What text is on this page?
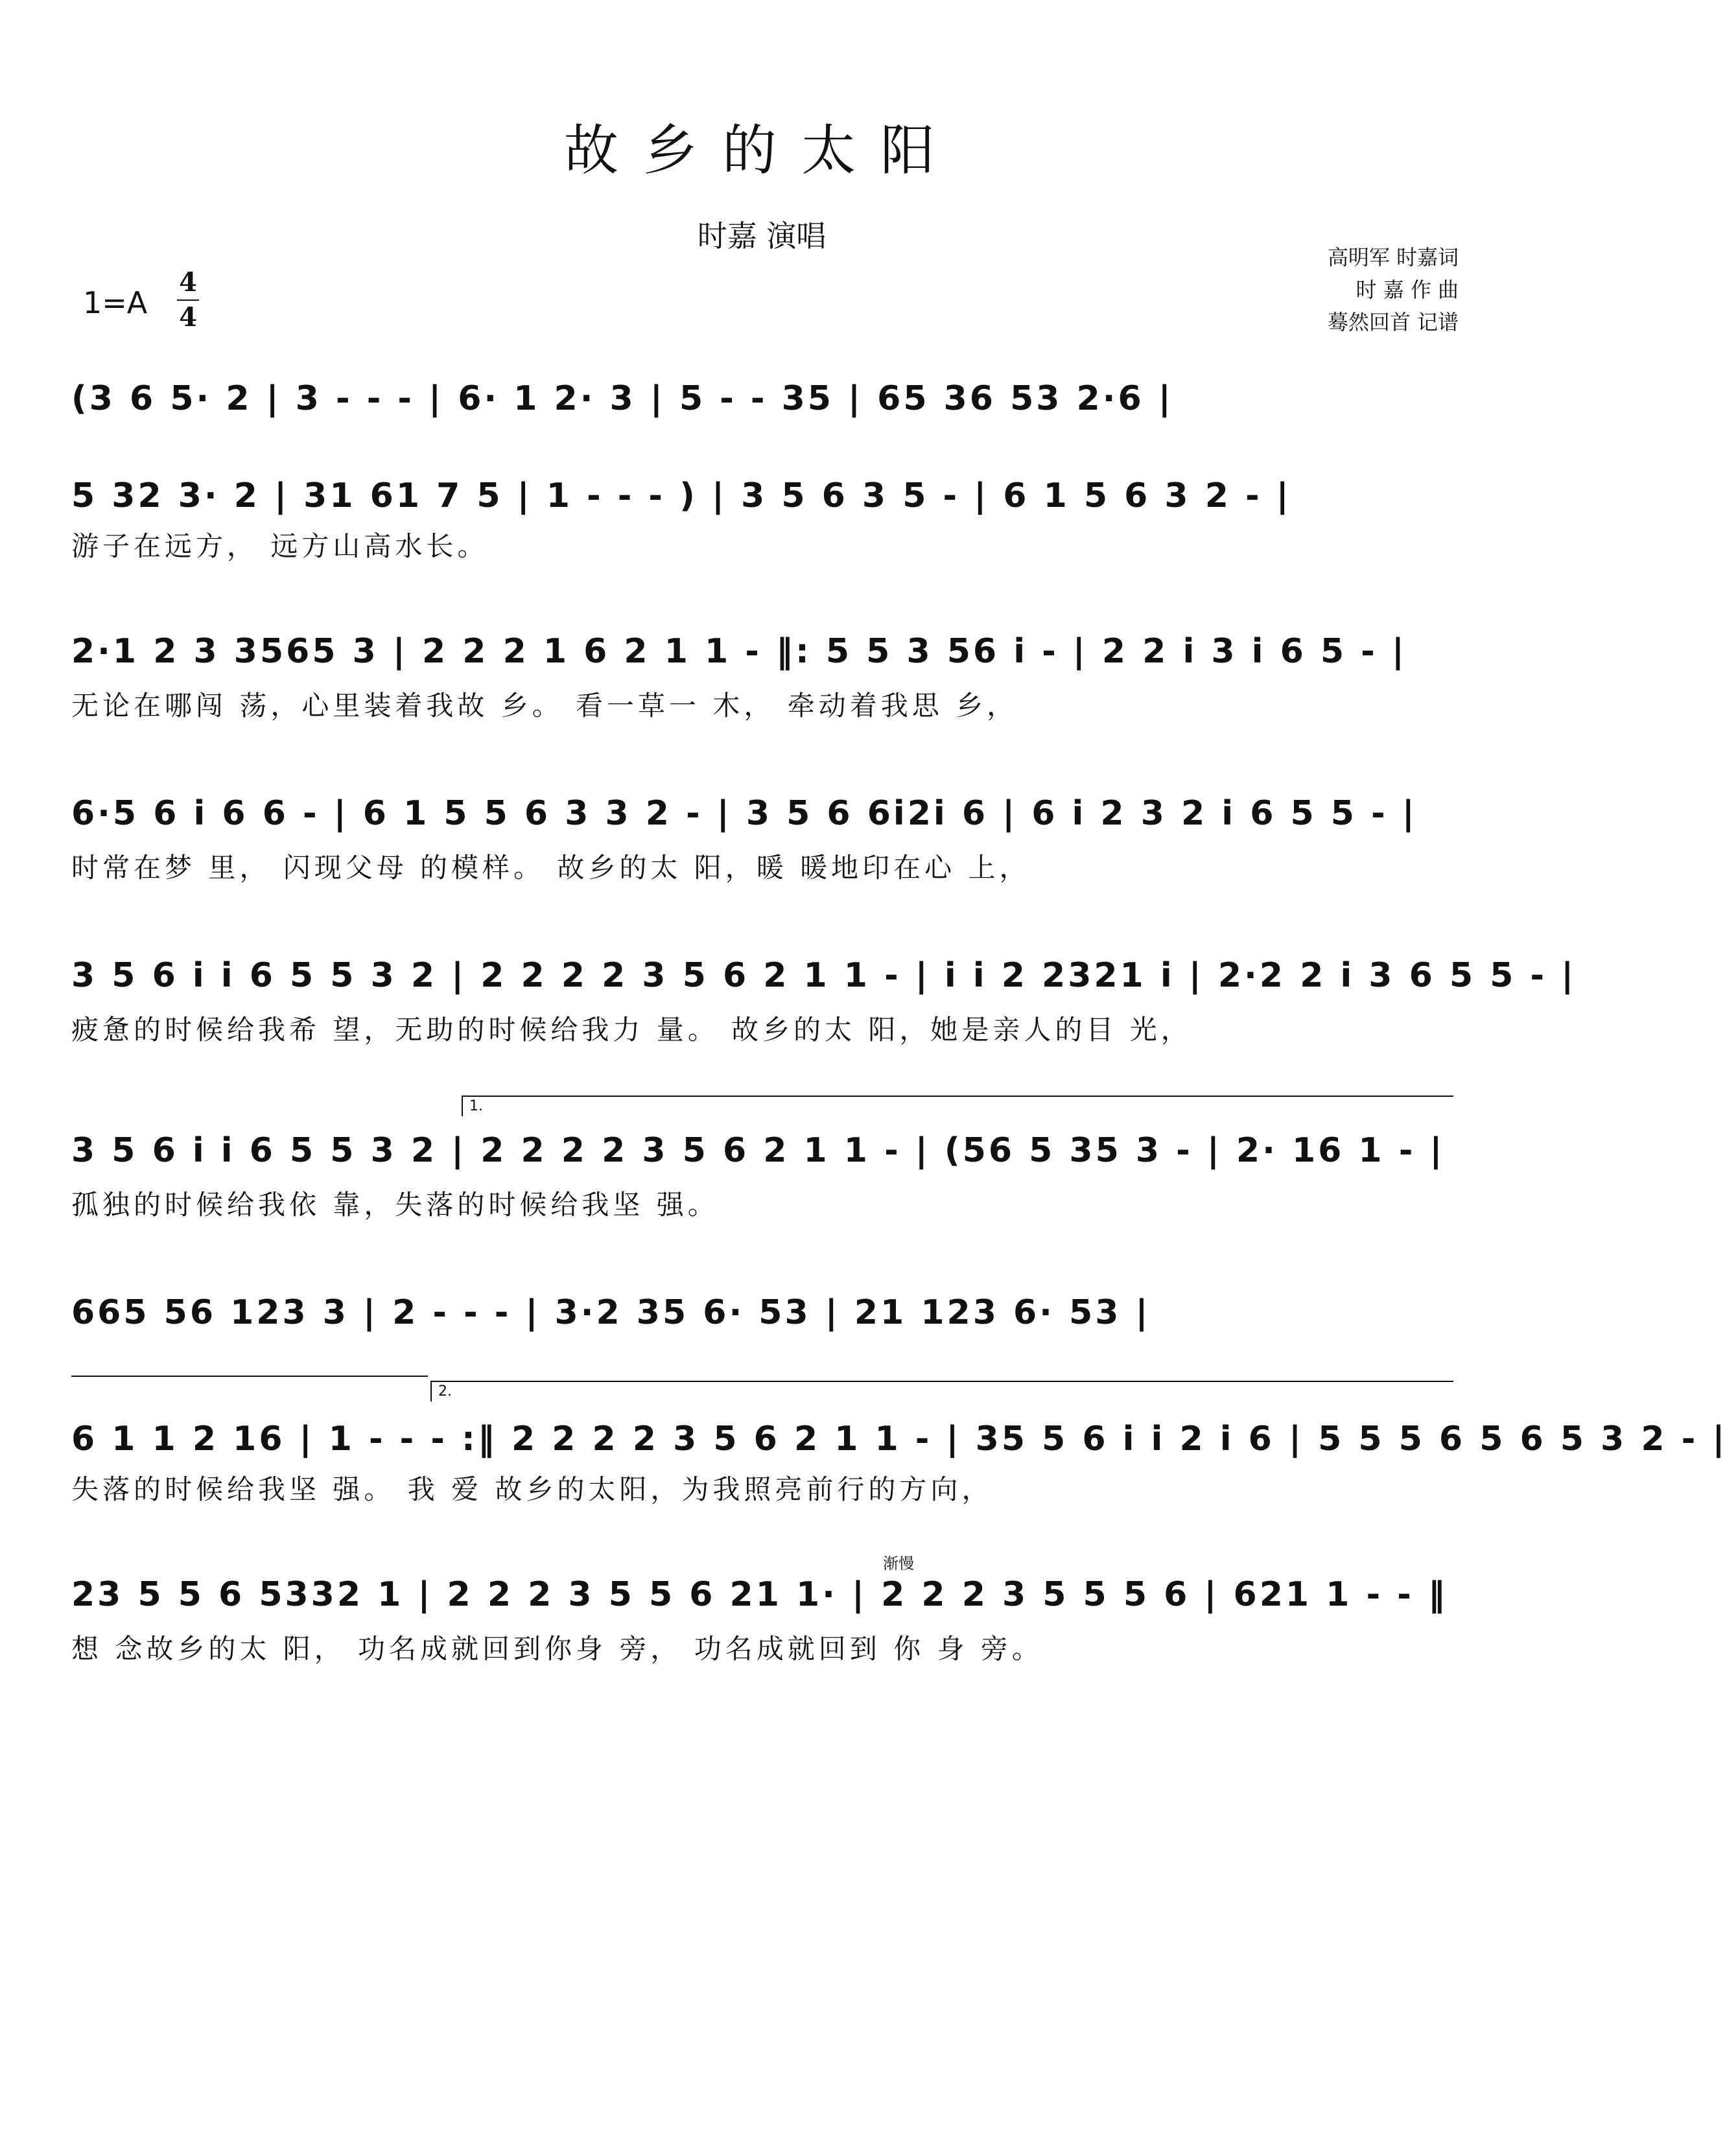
故乡的太阳
时嘉 演唱
高明军 时嘉词
时 嘉 作 曲
蓦然回首 记谱
1=A
4
4
(3 6 5· 2 | 3 - - - | 6· 1 2· 3 | 5 - - 35 | 65 36 53 2·6 |
5 32 3· 2 | 31 61 7 5 | 1 - - - ) | 3 5 6 3 5 - | 6 1 5 6 3 2 - |
游子在远方， 远方山高水长。
2·1 2 3 3565 3 | 2 2 2 1 6 2 1 1 - ‖: 5 5 3 56 i - | 2 2 i 3 i 6 5 - |
无论在哪闯 荡，心里装着我故 乡。 看一草一 木， 牵动着我思 乡，
6·5 6 i 6 6 - | 6 1 5 5 6 3 3 2 - | 3 5 6 6i2i 6 | 6 i 2 3 2 i 6 5 5 - |
时常在梦 里， 闪现父母 的模样。 故乡的太 阳，暖 暖地印在心 上，
3 5 6 i i 6 5 5 3 2 | 2 2 2 2 3 5 6 2 1 1 - | i i 2 2321 i | 2·2 2 i 3 6 5 5 - |
疲惫的时候给我希 望，无助的时候给我力 量。 故乡的太 阳，她是亲人的目 光，
1.
3 5 6 i i 6 5 5 3 2 | 2 2 2 2 3 5 6 2 1 1 - | (56 5 35 3 - | 2· 16 1 - |
孤独的时候给我依 靠，失落的时候给我坚 强。
665 56 123 3 | 2 - - - | 3·2 35 6· 53 | 21 123 6· 53 |
2.
6 1 1 2 16 | 1 - - - :‖ 2 2 2 2 3 5 6 2 1 1 - | 35 5 6 i i 2 i 6 | 5 5 5 6 5 6 5 3 2 - |
失落的时候给我坚 强。 我 爱 故乡的太阳，为我照亮前行的方向，
渐慢
23 5 5 6 5332 1 | 2 2 2 3 5 5 6 21 1· | 2 2 2 3 5 5 5 6 | 621 1 - - ‖
想 念故乡的太 阳， 功名成就回到你身 旁， 功名成就回到 你 身 旁。
